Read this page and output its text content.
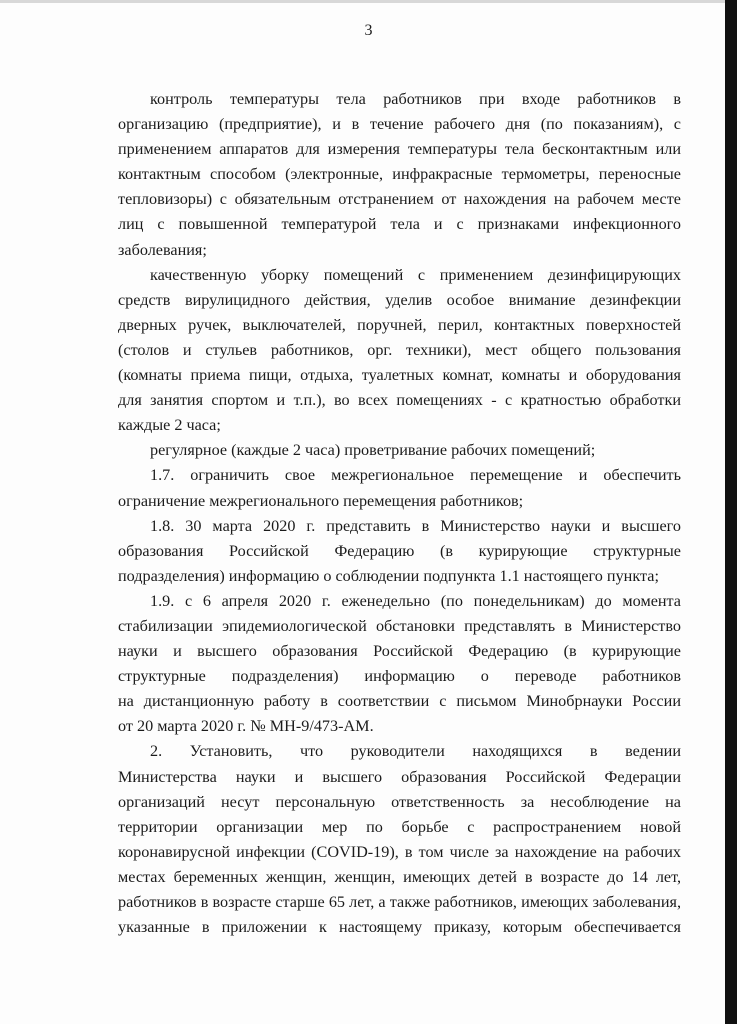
3
контроль температуры тела работников при входе работников в
организацию (предприятие), и в течение рабочего дня (по показаниям), с
применением аппаратов для измерения температуры тела бесконтактным или
контактным способом (электронные, инфракрасные термометры, переносные
тепловизоры) с обязательным отстранением от нахождения на рабочем месте
лиц с повышенной температурой тела и с признаками инфекционного
заболевания;
качественную уборку помещений с применением дезинфицирующих
средств вирулицидного действия, уделив особое внимание дезинфекции
дверных ручек, выключателей, поручней, перил, контактных поверхностей
(столов и стульев работников, орг. техники), мест общего пользования
(комнаты приема пищи, отдыха, туалетных комнат, комнаты и оборудования
для занятия спортом и т.п.), во всех помещениях - с кратностью обработки
каждые 2 часа;
регулярное (каждые 2 часа) проветривание рабочих помещений;
1.7. ограничить свое межрегиональное перемещение и обеспечить
ограничение межрегионального перемещения работников;
1.8. 30 марта 2020 г. представить в Министерство науки и высшего
образования Российской Федерацию (в курирующие структурные
подразделения) информацию о соблюдении подпункта 1.1 настоящего пункта;
1.9. с 6 апреля 2020 г. еженедельно (по понедельникам) до момента
стабилизации эпидемиологической обстановки представлять в Министерство
науки и высшего образования Российской Федерацию (в курирующие
структурные подразделения) информацию о переводе работников
на дистанционную работу в соответствии с письмом Минобрнауки России
от 20 марта 2020 г. № МН-9/473-АМ.
2. Установить, что руководители находящихся в ведении
Министерства науки и высшего образования Российской Федерации
организаций несут персональную ответственность за несоблюдение на
территории организации мер по борьбе с распространением новой
коронавирусной инфекции (COVID-19), в том числе за нахождение на рабочих
местах беременных женщин, женщин, имеющих детей в возрасте до 14 лет,
работников в возрасте старше 65 лет, а также работников, имеющих заболевания,
указанные в приложении к настоящему приказу, которым обеспечивается
